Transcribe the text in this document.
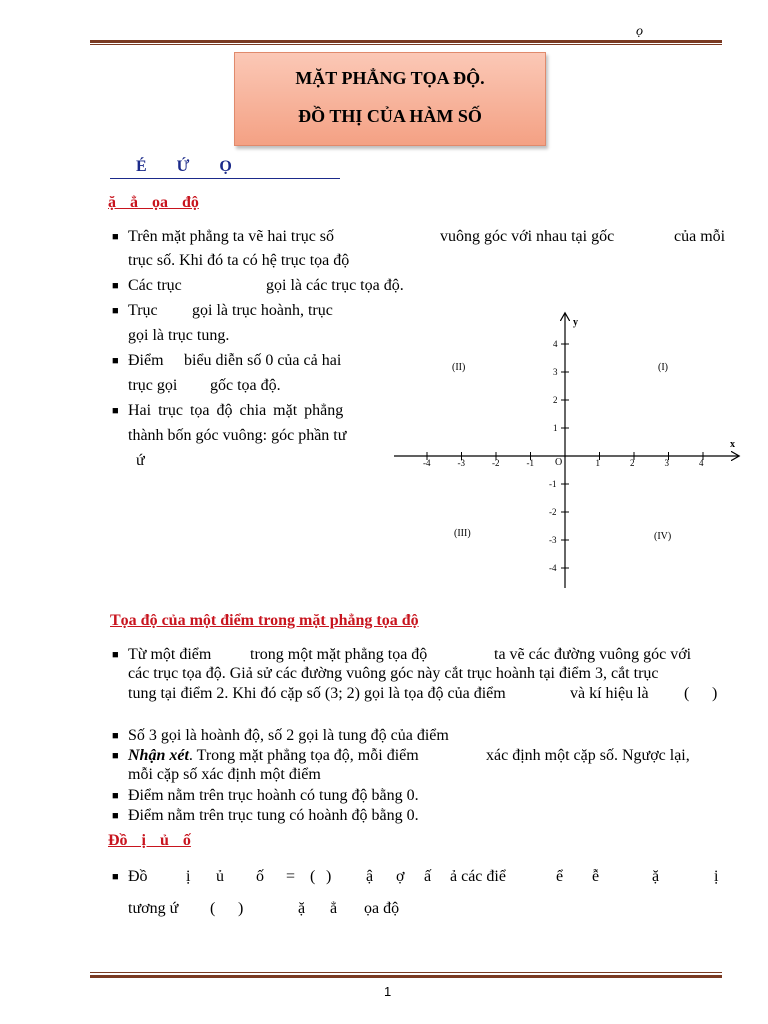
ọ
MẶT PHẲNG TỌA ĐỘ.
ĐỒ THỊ CỦA HÀM SỐ
É Ứ Ọ
ặ ẳ ọa độ
■ Trên mặt phẳng ta vẽ hai trục số	vuông góc với nhau tại gốc	của mỗi
trục số. Khi đó ta có hệ trục tọa độ
■ Các trục	gọi là các trục tọa độ.
■ Trục gọi là trục hoành, trục
gọi là trục tung.
■ Điểm biểu diễn số 0 của cả hai
trục gọi gốc tọa độ.
■ Hai trục tọa độ chia mặt phẳng
thành bốn góc vuông: góc phần tư
ứ	-4	-3	-2	-1	1	2	3	4
4
3
2
1
-1
-2
-3
-4
x
y
O
(I)
(II)
(III)	(IV)
Tọa độ của một điểm trong mặt phẳng tọa độ
■ Từ một điểm trong một mặt phẳng tọa độ	ta vẽ các đường vuông góc với
các trục tọa độ. Giả sử các đường vuông góc này cắt trục hoành tại điểm 3, cắt trục
tung tại điểm 2. Khi đó cặp số (3; 2) gọi là tọa độ của điểm	và kí hiệu là ( )
■ Số 3 gọi là hoành độ, số 2 gọi là tung độ của điểm
■ Nhận xét. Trong mặt phẳng tọa độ, mỗi điểm	xác định một cặp số. Ngược lại,
mỗi cặp số xác định một điểm
■ Điểm nằm trên trục hoành có tung độ bằng 0.
■ Điểm nằm trên trục tung có hoành độ bằng 0.
Đồ ị ủ ố
■ Đồ ị ủ ố = ( ) ậ ợ ấ ả các điể	ể ễ	ặ	ị
tương ứ ( )	ặ ẳ ọa độ
1
